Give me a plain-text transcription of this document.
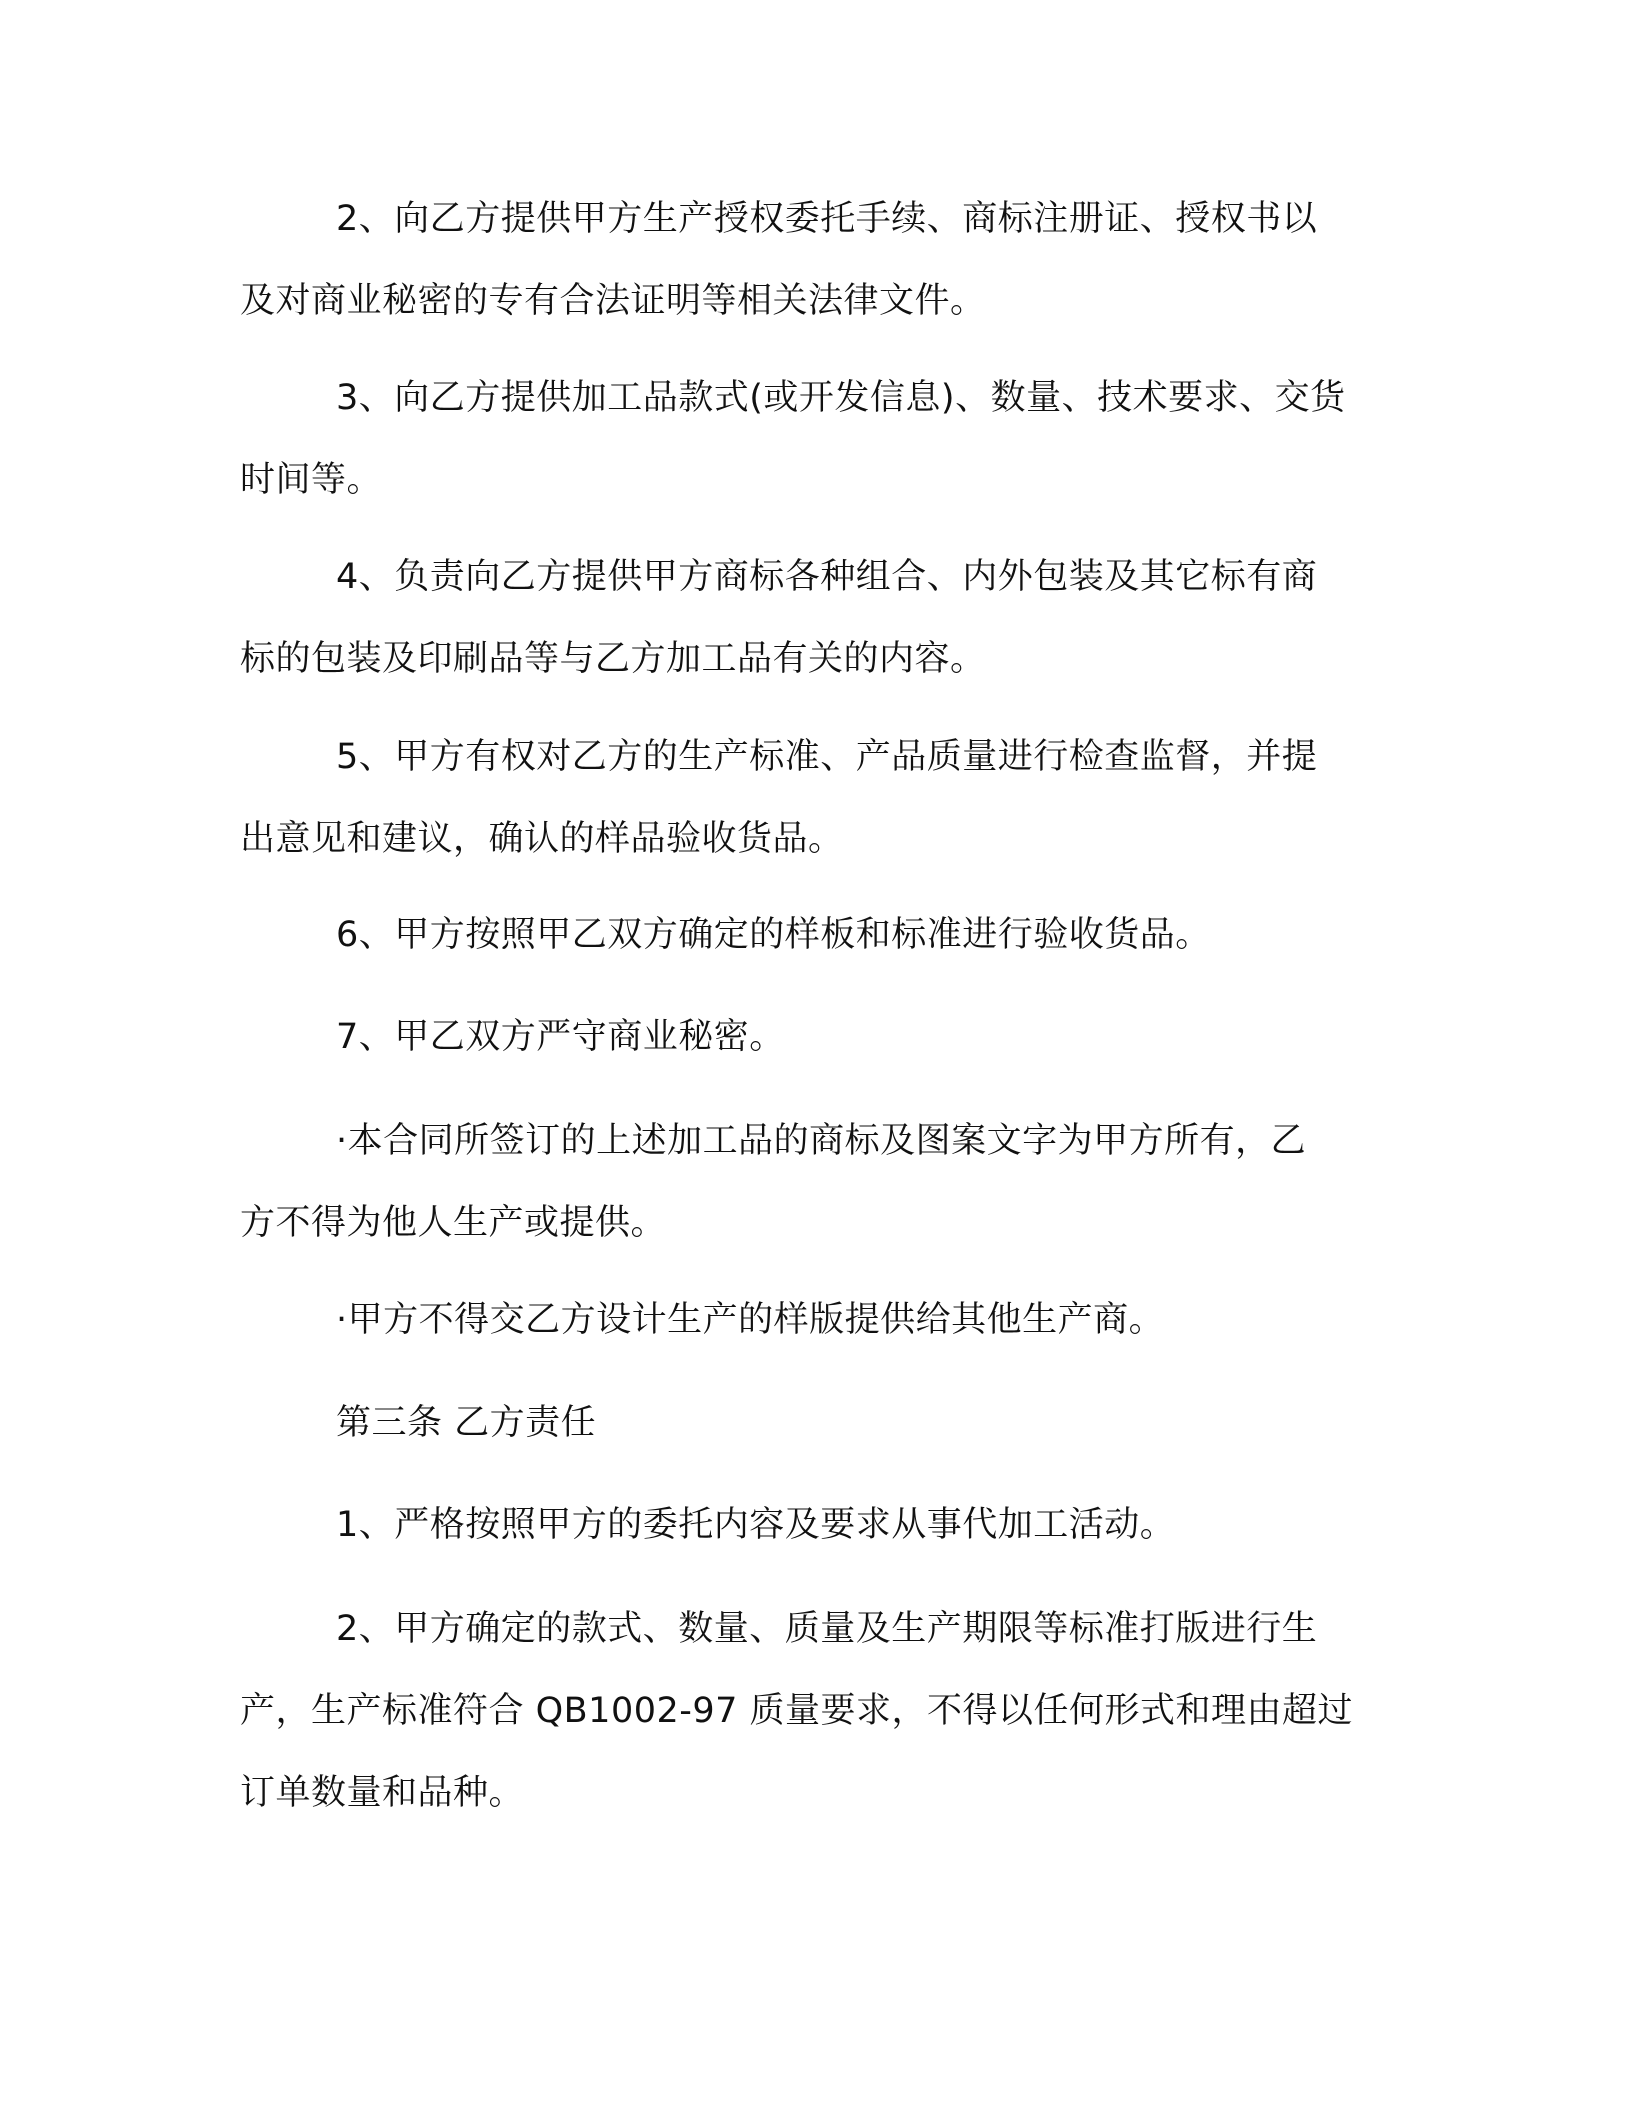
2、向乙方提供甲方生产授权委托手续、商标注册证、授权书以
及对商业秘密的专有合法证明等相关法律文件。
3、向乙方提供加工品款式(或开发信息)、数量、技术要求、交货
时间等。
4、负责向乙方提供甲方商标各种组合、内外包装及其它标有商
标的包装及印刷品等与乙方加工品有关的内容。
5、甲方有权对乙方的生产标准、产品质量进行检查监督，并提
出意见和建议，确认的样品验收货品。
6、甲方按照甲乙双方确定的样板和标准进行验收货品。
7、甲乙双方严守商业秘密。
·本合同所签订的上述加工品的商标及图案文字为甲方所有，乙
方不得为他人生产或提供。
·甲方不得交乙方设计生产的样版提供给其他生产商。
第三条 乙方责任
1、严格按照甲方的委托内容及要求从事代加工活动。
2、甲方确定的款式、数量、质量及生产期限等标准打版进行生
产，生产标准符合 QB1002-97 质量要求，不得以任何形式和理由超过
订单数量和品种。
